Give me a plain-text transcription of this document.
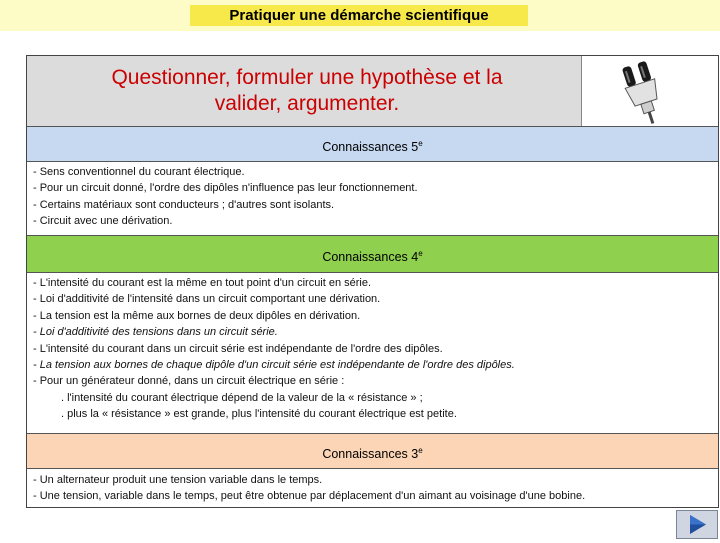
Pratiquer une démarche scientifique
Questionner, formuler une hypothèse et la
valider, argumenter.
Connaissances 5e
- Sens conventionnel du courant électrique.
- Pour un circuit donné, l'ordre des dipôles n'influence pas leur fonctionnement.
- Certains matériaux sont conducteurs ; d'autres sont isolants.
- Circuit avec une dérivation.
Connaissances 4e
- L'intensité du courant est la même en tout point d'un circuit en série.
- Loi d'additivité de l'intensité dans un circuit comportant une dérivation.
- La tension est la même aux bornes de deux dipôles en dérivation.
- Loi d'additivité des tensions dans un circuit série.
- L'intensité du courant dans un circuit série est indépendante de l'ordre des dipôles.
- La tension aux bornes de chaque dipôle d'un circuit série est indépendante de l'ordre des dipôles.
- Pour un générateur donné, dans un circuit électrique en série :
. l'intensité du courant électrique dépend de la valeur de la « résistance » ;
. plus la « résistance » est grande, plus l'intensité du courant électrique est petite.
Connaissances 3e
- Un alternateur produit une tension variable dans le temps.
- Une tension, variable dans le temps, peut être obtenue par déplacement d'un aimant au voisinage d'une bobine.
